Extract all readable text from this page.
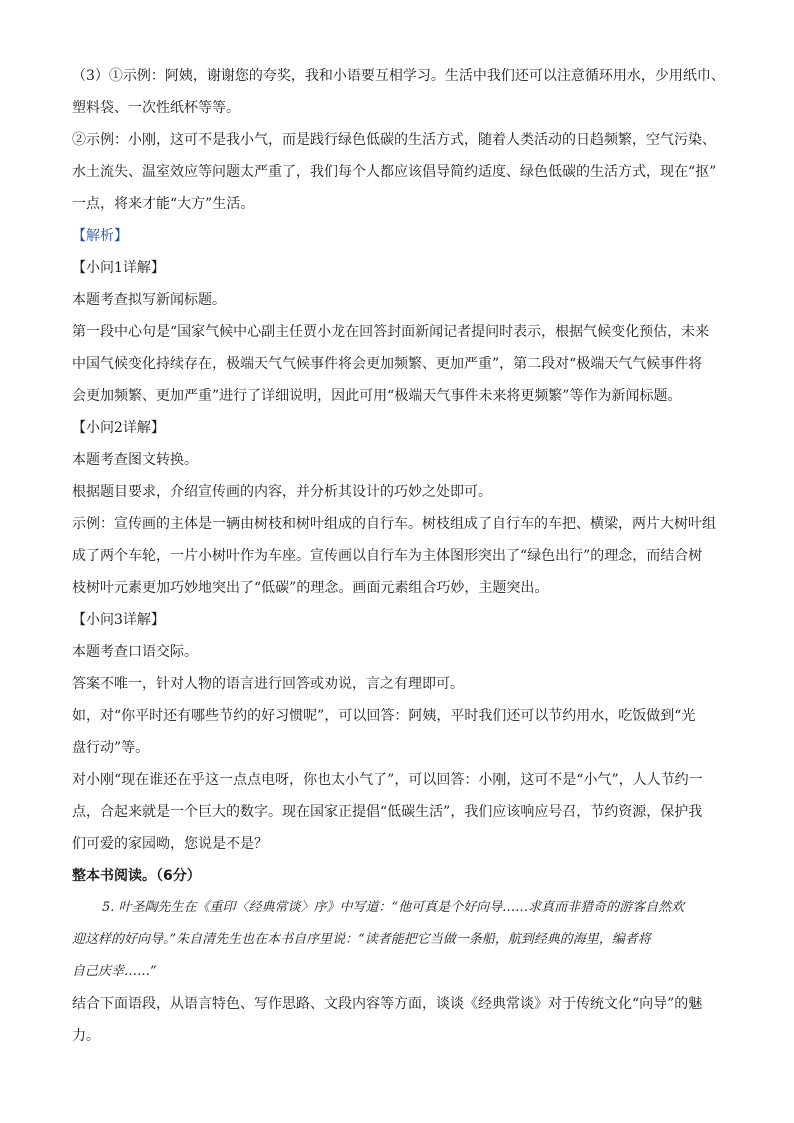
（3）①示例：阿姨，谢谢您的夸奖，我和小语要互相学习。生活中我们还可以注意循环用水，少用纸巾、
塑料袋、一次性纸杯等等。
②示例：小刚，这可不是我小气，而是践行绿色低碳的生活方式，随着人类活动的日趋频繁，空气污染、
水土流失、温室效应等问题太严重了，我们每个人都应该倡导简约适度、绿色低碳的生活方式，现在“抠”
一点，将来才能“大方”生活。
【解析】
【小问1详解】
本题考查拟写新闻标题。
第一段中心句是“国家气候中心副主任贾小龙在回答封面新闻记者提问时表示，根据气候变化预估，未来
中国气候变化持续存在，极端天气气候事件将会更加频繁、更加严重”，第二段对“极端天气气候事件将
会更加频繁、更加严重”进行了详细说明，因此可用“极端天气事件未来将更频繁”等作为新闻标题。
【小问2详解】
本题考查图文转换。
根据题目要求，介绍宣传画的内容，并分析其设计的巧妙之处即可。
示例：宣传画的主体是一辆由树枝和树叶组成的自行车。树枝组成了自行车的车把、横梁，两片大树叶组
成了两个车轮，一片小树叶作为车座。宣传画以自行车为主体图形突出了“绿色出行”的理念，而结合树
枝树叶元素更加巧妙地突出了“低碳”的理念。画面元素组合巧妙，主题突出。
【小问3详解】
本题考查口语交际。
答案不唯一，针对人物的语言进行回答或劝说，言之有理即可。
如，对“你平时还有哪些节约的好习惯呢”，可以回答：阿姨，平时我们还可以节约用水，吃饭做到“光
盘行动”等。
对小刚“现在谁还在乎这一点点电呀，你也太小气了”，可以回答：小刚，这可不是“小气”，人人节约一
点，合起来就是一个巨大的数字。现在国家正提倡“低碳生活”，我们应该响应号召，节约资源，保护我
们可爱的家园呦，您说是不是？
整本书阅读。（6分）
5. 叶圣陶先生在《重印〈经典常谈〉序》中写道：“他可真是个好向导……求真而非猎奇的游客自然欢
迎这样的好向导。”朱自清先生也在本书自序里说：“读者能把它当做一条船，航到经典的海里，编者将
自己庆幸……”
结合下面语段，从语言特色、写作思路、文段内容等方面，谈谈《经典常谈》对于传统文化“向导”的魅
力。
